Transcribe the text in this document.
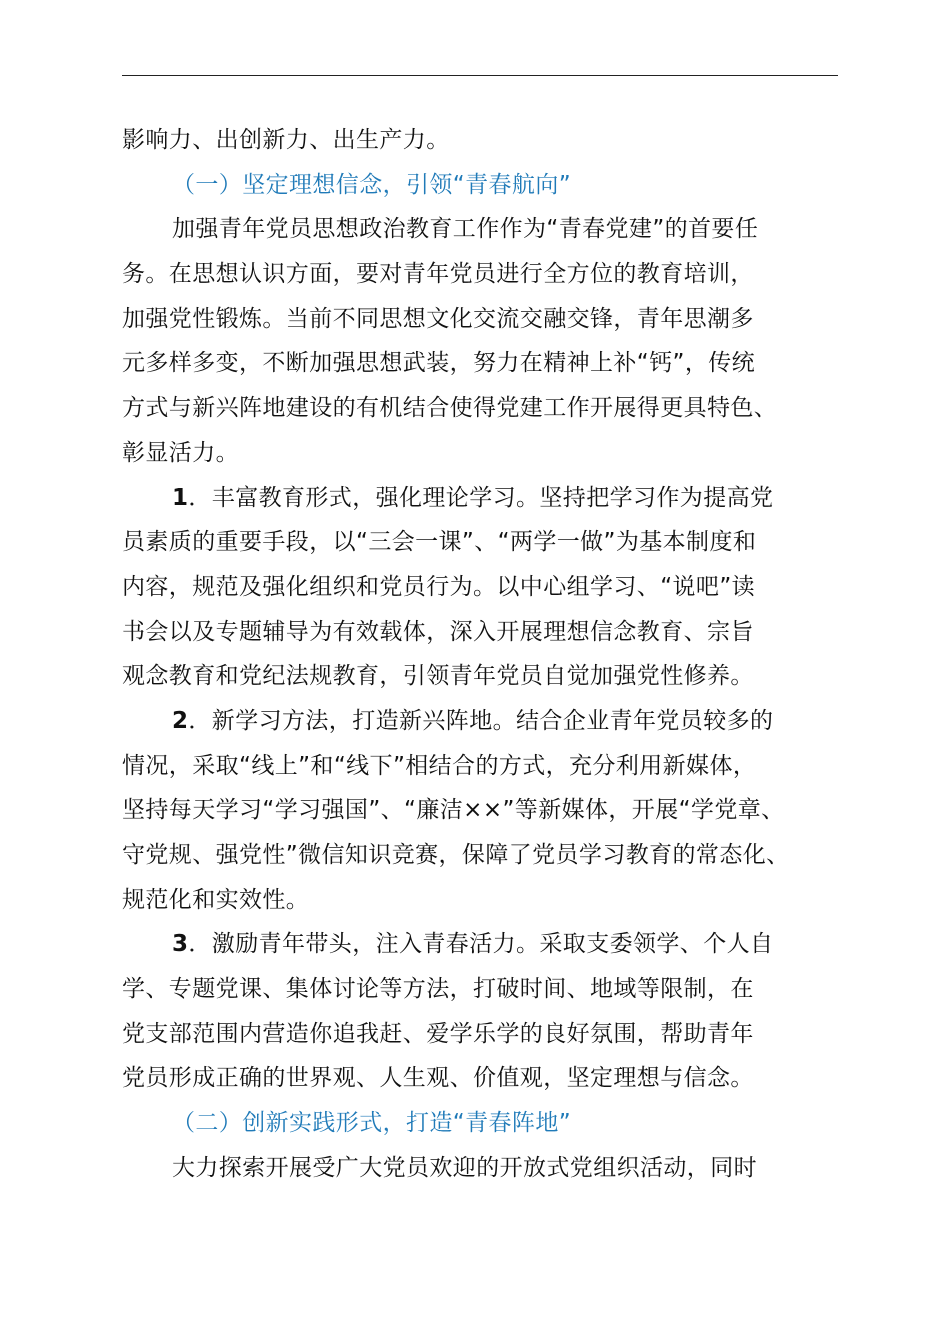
影响力、出创新力、出生产力。
（一）坚定理想信念，引领“青春航向”
加强青年党员思想政治教育工作作为“青春党建”的首要任
务。在思想认识方面，要对青年党员进行全方位的教育培训，
加强党性锻炼。当前不同思想文化交流交融交锋，青年思潮多
元多样多变，不断加强思想武装，努力在精神上补“钙”，传统
方式与新兴阵地建设的有机结合使得党建工作开展得更具特色、
彰显活力。
1．丰富教育形式，强化理论学习。坚持把学习作为提高党
员素质的重要手段，以“三会一课”、“两学一做”为基本制度和
内容，规范及强化组织和党员行为。以中心组学习、“说吧”读
书会以及专题辅导为有效载体，深入开展理想信念教育、宗旨
观念教育和党纪法规教育，引领青年党员自觉加强党性修养。
2．新学习方法，打造新兴阵地。结合企业青年党员较多的
情况，采取“线上”和“线下”相结合的方式，充分利用新媒体，
坚持每天学习“学习强国”、“廉洁××”等新媒体，开展“学党章、
守党规、强党性”微信知识竞赛，保障了党员学习教育的常态化、
规范化和实效性。
3．激励青年带头，注入青春活力。采取支委领学、个人自
学、专题党课、集体讨论等方法，打破时间、地域等限制，在
党支部范围内营造你追我赶、爱学乐学的良好氛围，帮助青年
党员形成正确的世界观、人生观、价值观，坚定理想与信念。
（二）创新实践形式，打造“青春阵地”
大力探索开展受广大党员欢迎的开放式党组织活动，同时
